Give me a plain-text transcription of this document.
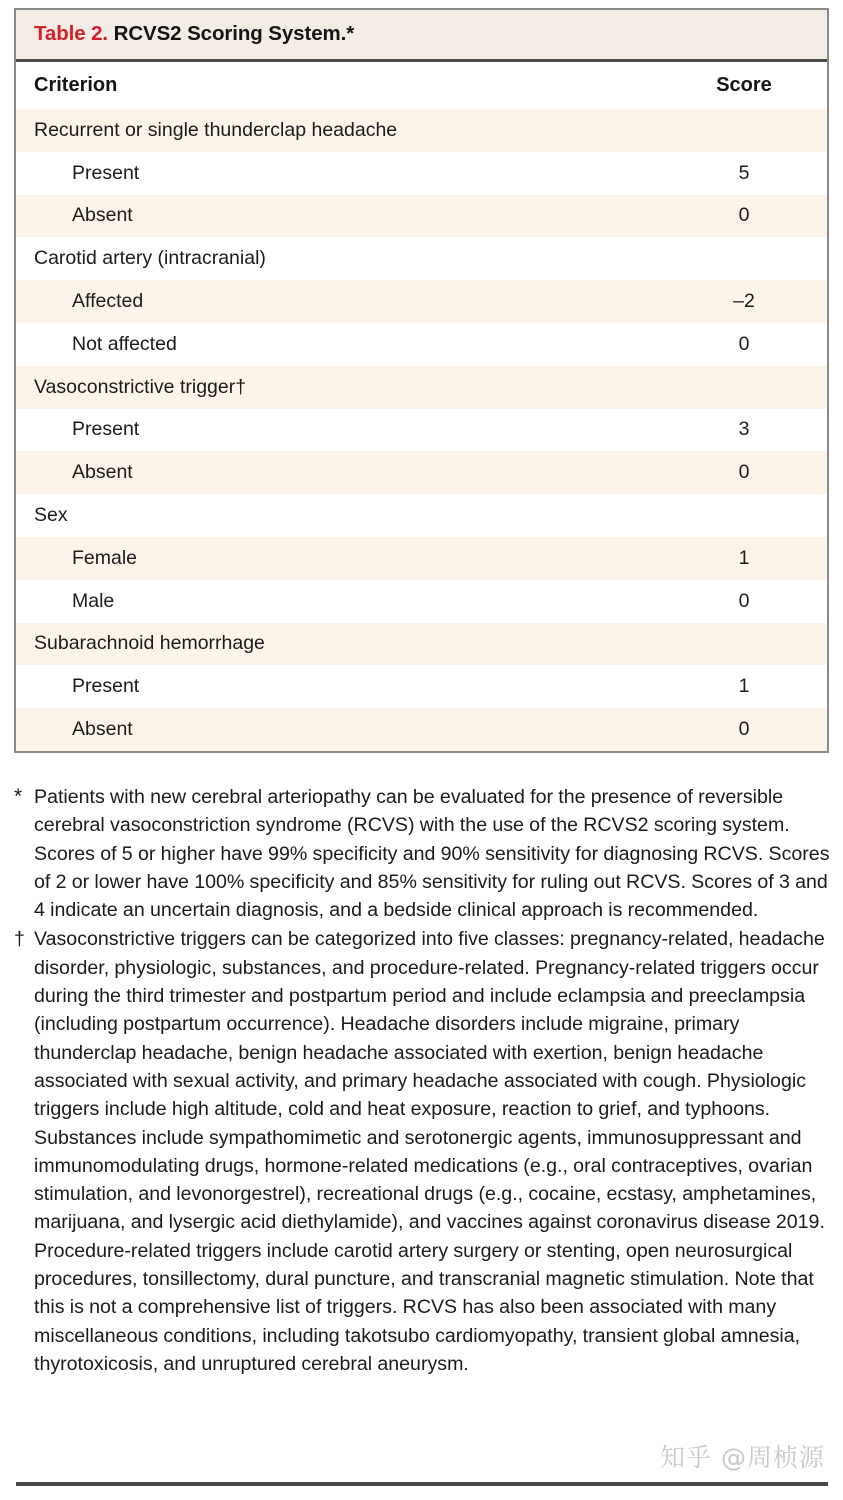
Table 2. RCVS2 Scoring System.*
Criterion	Score
Recurrent or single thunderclap headache
Present	5
Absent	0
Carotid artery (intracranial)
Affected	–2
Not affected	0
Vasoconstrictive trigger†
Present	3
Absent	0
Sex
Female	1
Male	0
Subarachnoid hemorrhage
Present	1
Absent	0
* Patients with new cerebral arteriopathy can be evaluated for the presence of reversible cerebral vasoconstriction syndrome (RCVS) with the use of the RCVS2 scoring system. Scores of 5 or higher have 99% specificity and 90% sensitivity for diagnosing RCVS. Scores of 2 or lower have 100% specificity and 85% sensitivity for ruling out RCVS. Scores of 3 and 4 indicate an uncertain diagnosis, and a bedside clinical approach is recommended.
† Vasoconstrictive triggers can be categorized into five classes: pregnancy-related, headache disorder, physiologic, substances, and procedure-related. Pregnancy-related triggers occur during the third trimester and postpartum period and include eclampsia and preeclampsia (including postpartum occurrence). Headache disorders include migraine, primary thunderclap headache, benign headache associated with exertion, benign headache associated with sexual activity, and primary headache associated with cough. Physiologic triggers include high altitude, cold and heat exposure, reaction to grief, and typhoons. Substances include sympathomimetic and serotonergic agents, immunosuppressant and immunomodulating drugs, hormone-related medications (e.g., oral contraceptives, ovarian stimulation, and levonorgestrel), recreational drugs (e.g., cocaine, ecstasy, amphetamines, marijuana, and lysergic acid diethylamide), and vaccines against coronavirus disease 2019. Procedure-related triggers include carotid artery surgery or stenting, open neurosurgical procedures, tonsillectomy, dural puncture, and transcranial magnetic stimulation. Note that this is not a comprehensive list of triggers. RCVS has also been associated with many miscellaneous conditions, including takotsubo cardiomyopathy, transient global amnesia, thyrotoxicosis, and unruptured cerebral aneurysm.
知乎 @周桢源
